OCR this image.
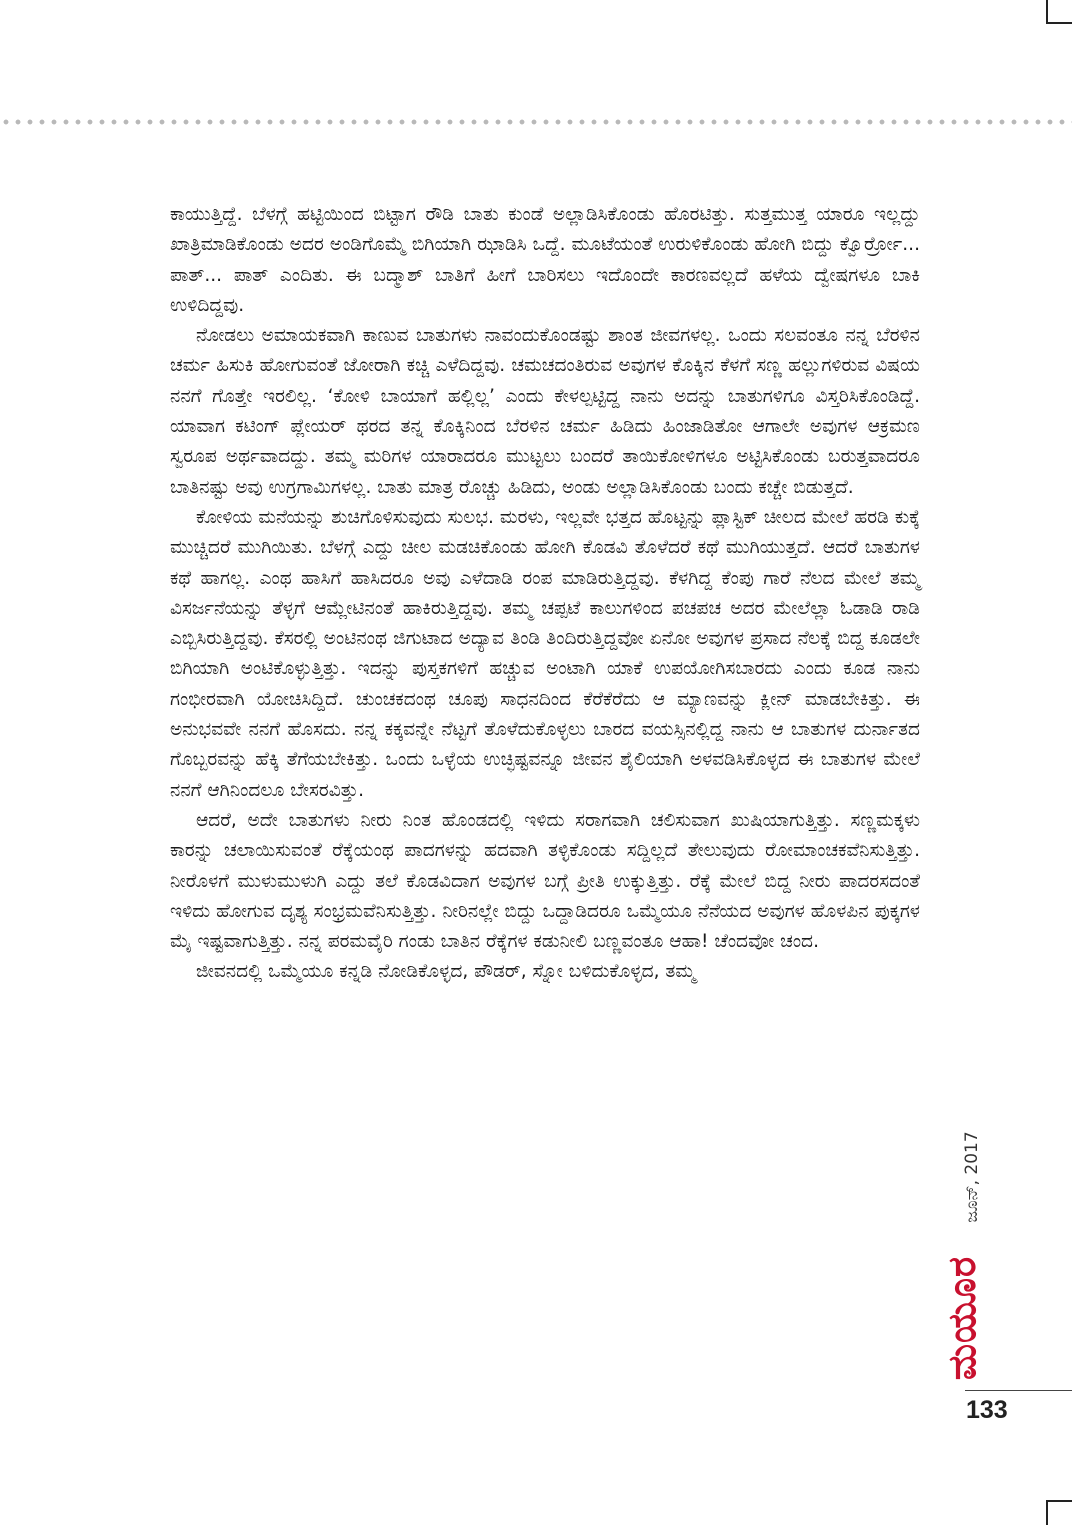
ಕಾಯುತ್ತಿದ್ದೆ. ಬೆಳಗ್ಗೆ ಹಟ್ಟಿಯಿಂದ ಬಿಟ್ಟಾಗ ರೌಡಿ ಬಾತು ಕುಂಡೆ ಅಲ್ಲಾಡಿಸಿಕೊಂಡು ಹೊರಟಿತ್ತು. ಸುತ್ತಮುತ್ತ ಯಾರೂ ಇಲ್ಲದ್ದು ಖಾತ್ರಿಮಾಡಿಕೊಂಡು ಅದರ ಅಂಡಿಗೊಮ್ಮೆ ಬಿಗಿಯಾಗಿ ಝಾಡಿಸಿ ಒದ್ದೆ. ಮೂಟೆಯಂತೆ ಉರುಳಿಕೊಂಡು ಹೋಗಿ ಬಿದ್ದು ಕ್ವೊರ್ರ್ರೋ... ಪಾತ್... ಪಾತ್ ಎಂದಿತು. ಈ ಬದ್ಮಾಶ್ ಬಾತಿಗೆ ಹೀಗೆ ಬಾರಿಸಲು ಇದೊಂದೇ ಕಾರಣವಲ್ಲದೆ ಹಳೆಯ ದ್ವೇಷಗಳೂ ಬಾಕಿ ಉಳಿದಿದ್ದವು.

ನೋಡಲು ಅಮಾಯಕವಾಗಿ ಕಾಣುವ ಬಾತುಗಳು ನಾವಂದುಕೊಂಡಷ್ಟು ಶಾಂತ ಜೀವಗಳಲ್ಲ. ಒಂದು ಸಲವಂತೂ ನನ್ನ ಬೆರಳಿನ ಚರ್ಮ ಹಿಸುಕಿ ಹೋಗುವಂತೆ ಜೋರಾಗಿ ಕಚ್ಚಿ ಎಳೆದಿದ್ದವು. ಚಮಚದಂತಿರುವ ಅವುಗಳ ಕೊಕ್ಕಿನ ಕೆಳಗೆ ಸಣ್ಣ ಹಲ್ಲುಗಳಿರುವ ವಿಷಯ ನನಗೆ ಗೊತ್ತೇ ಇರಲಿಲ್ಲ. ‘ಕೋಳಿ ಬಾಯಾಗೆ ಹಲ್ಲಿಲ್ಲ’ ಎಂದು ಕೇಳಲ್ಪಟ್ಟಿದ್ದ ನಾನು ಅದನ್ನು ಬಾತುಗಳಿಗೂ ವಿಸ್ತರಿಸಿಕೊಂಡಿದ್ದೆ. ಯಾವಾಗ ಕಟಿಂಗ್ ಪ್ಲೇಯರ್ ಥರದ ತನ್ನ ಕೊಕ್ಕಿನಿಂದ ಬೆರಳಿನ ಚರ್ಮ ಹಿಡಿದು ಹಿಂಜಾಡಿತೋ ಆಗಾಲೇ ಅವುಗಳ ಆಕ್ರಮಣ ಸ್ವರೂಪ ಅರ್ಥವಾದದ್ದು. ತಮ್ಮ ಮರಿಗಳ ಯಾರಾದರೂ ಮುಟ್ಟಲು ಬಂದರೆ ತಾಯಿಕೋಳಿಗಳೂ ಅಟ್ಟಿಸಿಕೊಂಡು ಬರುತ್ತವಾದರೂ ಬಾತಿನಷ್ಟು ಅವು ಉಗ್ರಗಾಮಿಗಳಲ್ಲ. ಬಾತು ಮಾತ್ರ ರೊಚ್ಚು ಹಿಡಿದು, ಅಂಡು ಅಲ್ಲಾಡಿಸಿಕೊಂಡು ಬಂದು ಕಚ್ಚೇ ಬಿಡುತ್ತದೆ.

ಕೋಳಿಯ ಮನೆಯನ್ನು ಶುಚಿಗೊಳಿಸುವುದು ಸುಲಭ. ಮರಳು, ಇಲ್ಲವೇ ಭತ್ತದ ಹೊಟ್ಟನ್ನು ಪ್ಲಾಸ್ಟಿಕ್ ಚೀಲದ ಮೇಲೆ ಹರಡಿ ಕುಕ್ಕೆ ಮುಚ್ಚಿದರೆ ಮುಗಿಯಿತು. ಬೆಳಗ್ಗೆ ಎದ್ದು ಚೀಲ ಮಡಚಿಕೊಂಡು ಹೋಗಿ ಕೊಡವಿ ತೊಳೆದರೆ ಕಥೆ ಮುಗಿಯುತ್ತದೆ. ಆದರೆ ಬಾತುಗಳ ಕಥೆ ಹಾಗಲ್ಲ. ಎಂಥ ಹಾಸಿಗೆ ಹಾಸಿದರೂ ಅವು ಎಳೆದಾಡಿ ರಂಪ ಮಾಡಿರುತ್ತಿದ್ದವು. ಕೆಳಗಿದ್ದ ಕೆಂಪು ಗಾರೆ ನೆಲದ ಮೇಲೆ ತಮ್ಮ ವಿಸರ್ಜನೆಯನ್ನು ತೆಳ್ಳಗೆ ಆಮ್ಲೇಟಿನಂತೆ ಹಾಕಿರುತ್ತಿದ್ದವು. ತಮ್ಮ ಚಪ್ಪಟೆ ಕಾಲುಗಳಿಂದ ಪಚಪಚ ಅದರ ಮೇಲೆಲ್ಲಾ ಓಡಾಡಿ ರಾಡಿ ಎಬ್ಬಿಸಿರುತ್ತಿದ್ದವು. ಕೆಸರಲ್ಲಿ ಅಂಟಿನಂಥ ಜಿಗುಟಾದ ಅದ್ಯಾವ ತಿಂಡಿ ತಿಂದಿರುತ್ತಿದ್ದವೋ ಏನೋ ಅವುಗಳ ಪ್ರಸಾದ ನೆಲಕ್ಕೆ ಬಿದ್ದ ಕೂಡಲೇ ಬಿಗಿಯಾಗಿ ಅಂಟಿಕೊಳ್ಳುತ್ತಿತ್ತು. ಇದನ್ನು ಪುಸ್ತಕಗಳಿಗೆ ಹಚ್ಚುವ ಅಂಟಾಗಿ ಯಾಕೆ ಉಪಯೋಗಿಸಬಾರದು ಎಂದು ಕೂಡ ನಾನು ಗಂಭೀರವಾಗಿ ಯೋಚಿಸಿದ್ದಿದೆ. ಚುಂಚಕದಂಥ ಚೂಪು ಸಾಧನದಿಂದ ಕೆರೆಕೆರೆದು ಆ ಮ್ಯಾಣವನ್ನು ಕ್ಲೀನ್ ಮಾಡಬೇಕಿತ್ತು. ಈ ಅನುಭವವೇ ನನಗೆ ಹೊಸದು. ನನ್ನ ಕಕ್ಕವನ್ನೇ ನೆಟ್ಟಗೆ ತೊಳೆದುಕೊಳ್ಳಲು ಬಾರದ ವಯಸ್ಸಿನಲ್ಲಿದ್ದ ನಾನು ಆ ಬಾತುಗಳ ದುರ್ನಾತದ ಗೊಬ್ಬರವನ್ನು ಹೆಕ್ಕಿ ತೆಗೆಯಬೇಕಿತ್ತು. ಒಂದು ಒಳ್ಳೆಯ ಉಚ್ಛಿಷ್ಟವನ್ನೂ ಜೀವನ ಶೈಲಿಯಾಗಿ ಅಳವಡಿಸಿಕೊಳ್ಳದ ಈ ಬಾತುಗಳ ಮೇಲೆ ನನಗೆ ಆಗಿನಿಂದಲೂ ಬೇಸರವಿತ್ತು.

ಆದರೆ, ಅದೇ ಬಾತುಗಳು ನೀರು ನಿಂತ ಹೊಂಡದಲ್ಲಿ ಇಳಿದು ಸರಾಗವಾಗಿ ಚಲಿಸುವಾಗ ಖುಷಿಯಾಗುತ್ತಿತ್ತು. ಸಣ್ಣಮಕ್ಕಳು ಕಾರನ್ನು ಚಲಾಯಿಸುವಂತೆ ರೆಕ್ಕೆಯಂಥ ಪಾದಗಳನ್ನು ಹದವಾಗಿ ತಳ್ಳಿಕೊಂಡು ಸದ್ದಿಲ್ಲದೆ ತೇಲುವುದು ರೋಮಾಂಚಕವೆನಿಸುತ್ತಿತ್ತು. ನೀರೊಳಗೆ ಮುಳುಮುಳುಗಿ ಎದ್ದು ತಲೆ ಕೊಡವಿದಾಗ ಅವುಗಳ ಬಗ್ಗೆ ಪ್ರೀತಿ ಉಕ್ಕುತ್ತಿತ್ತು. ರೆಕ್ಕೆ ಮೇಲೆ ಬಿದ್ದ ನೀರು ಪಾದರಸದಂತೆ ಇಳಿದು ಹೋಗುವ ದೃಶ್ಯ ಸಂಭ್ರಮವೆನಿಸುತ್ತಿತ್ತು. ನೀರಿನಲ್ಲೇ ಬಿದ್ದು ಒದ್ದಾಡಿದರೂ ಒಮ್ಮೆಯೂ ನೆನೆಯದ ಅವುಗಳ ಹೊಳಪಿನ ಪುಕ್ಕಗಳ ಮೈ ಇಷ್ಟವಾಗುತ್ತಿತ್ತು. ನನ್ನ ಪರಮವೈರಿ ಗಂಡು ಬಾತಿನ ರೆಕ್ಕೆಗಳ ಕಡುನೀಲಿ ಬಣ್ಣವಂತೂ ಆಹಾ! ಚೆಂದವೋ ಚಂದ.

ಜೀವನದಲ್ಲಿ ಒಮ್ಮೆಯೂ ಕನ್ನಡಿ ನೋಡಿಕೊಳ್ಳದ, ಪೌಡರ್, ಸ್ನೋ ಬಳಿದುಕೊಳ್ಳದ, ತಮ್ಮ

ಜೂನ್, 2017
ಮಯೂರ
133
